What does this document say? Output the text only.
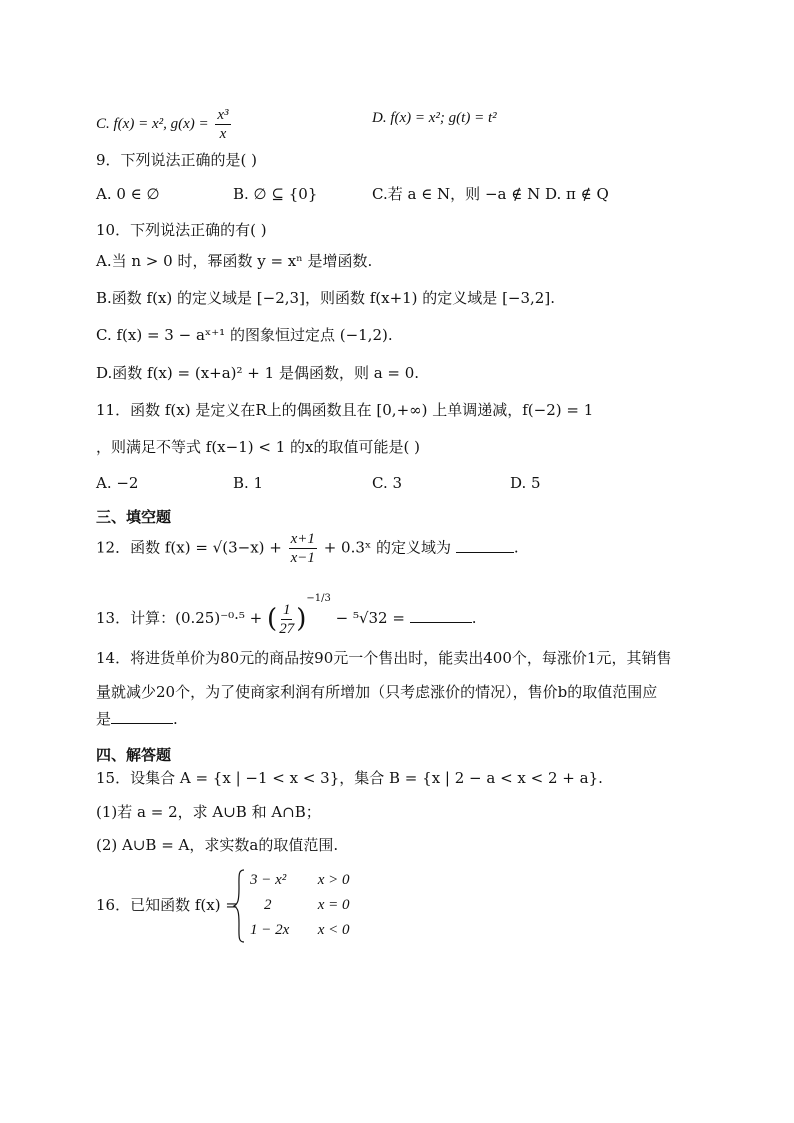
C. f(x) = x², $g(x) = \frac{\text{x³}}{x}$	D. f(x) = x²; g(t) = t²
9．下列说法正确的是( )
A. 0 ∈ ∅	B. ∅ ⊆ {0}	C.若 a ∈ N，则 −a ∉ N D. π ∉ Q
10．下列说法正确的有( )
A.当 n > 0 时，幂函数 y = xⁿ 是增函数.
B.函数 f(x) 的定义域是 [−2,3]，则函数 f(x+1) 的定义域是 [−3,2].
C. f(x) = 3 − aˣ⁺¹ 的图象恒过定点 (−1,2).
D.函数 f(x) = (x+a)² + 1 是偶函数，则 a = 0.
11．函数 f(x) 是定义在R上的偶函数且在 [0,+∞) 上单调递减，f(−2) = 1
，则满足不等式 f(x−1) < 1 的x的取值可能是( )
A. −2	B. 1	C. 3	D. 5
三、填空题
12．函数 $f(x) = √(3-x) + \frac{x+1}{x-1}$ + 0.3ˣ 的定义域为	.
13．计算：(0.25)⁻⁰·⁵ + ( $\frac{1}{27} )^{-1/3} - ^5√32$ =	.
14．将进货单价为80元的商品按90元一个售出时，能卖出400个，每涨价1元，其销售
量就减少20个，为了使商家利润有所增加（只考虑涨价的情况），售价b的取值范围应
是	.
四、解答题
15．设集合 A = {x | −1 < x < 3}，集合 B = {x | 2 − a < x < 2 + a}.
(1)若 a = 2，求 A∪B 和 A∩B；
(2) A∪B = A，求实数a的取值范围.
16．已知函数 f(x) =
3 − x² x > 0
2	x = 0
1 − 2x x < 0
